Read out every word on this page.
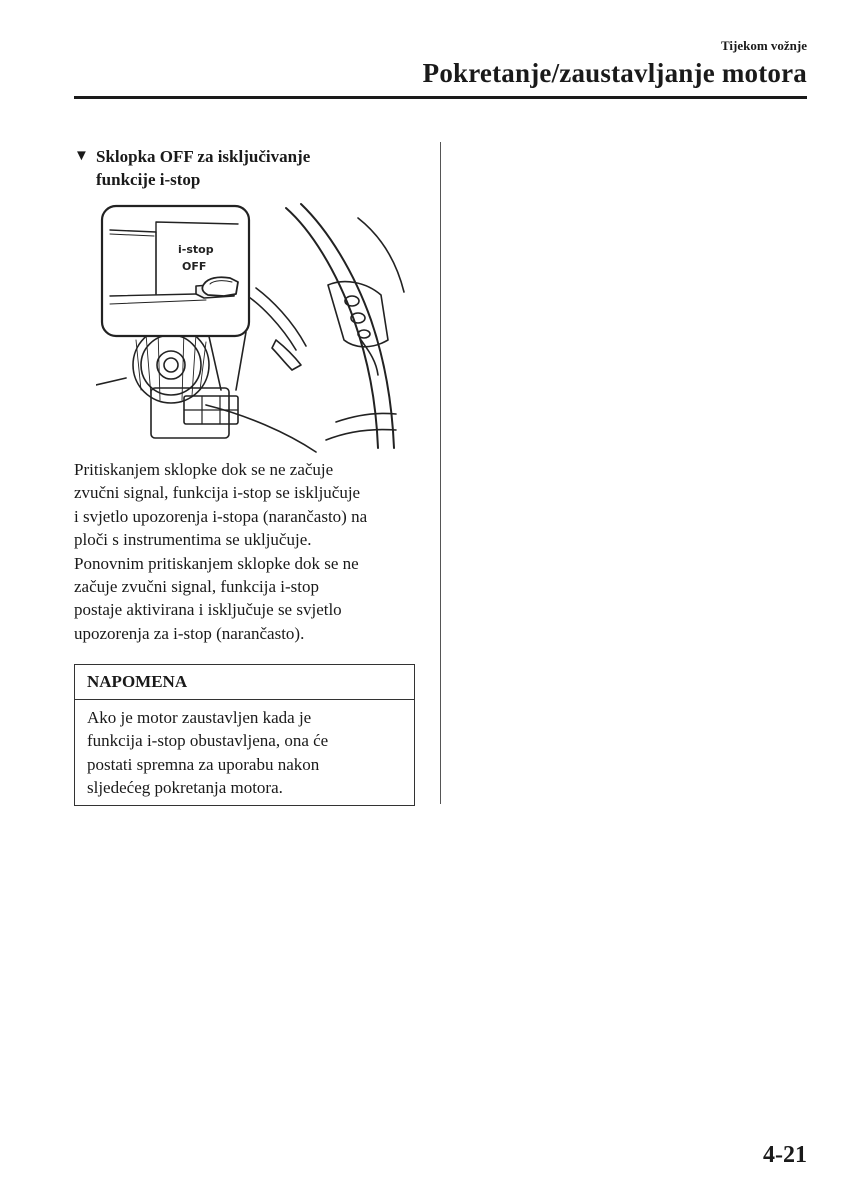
Tijekom vožnje
Pokretanje/zaustavljanje motora
▼ Sklopka OFF za isključivanje
funkcije i-stop
i-stop
OFF

Pritiskanjem sklopke dok se ne začuje
zvučni signal, funkcija i-stop se isključuje
i svjetlo upozorenja i-stopa (narančasto) na
ploči s instrumentima se uključuje.
Ponovnim pritiskanjem sklopke dok se ne
začuje zvučni signal, funkcija i-stop
postaje aktivirana i isključuje se svjetlo
upozorenja za i-stop (narančasto).

NAPOMENA
Ako je motor zaustavljen kada je
funkcija i-stop obustavljena, ona će
postati spremna za uporabu nakon
sljedećeg pokretanja motora.
4-21
